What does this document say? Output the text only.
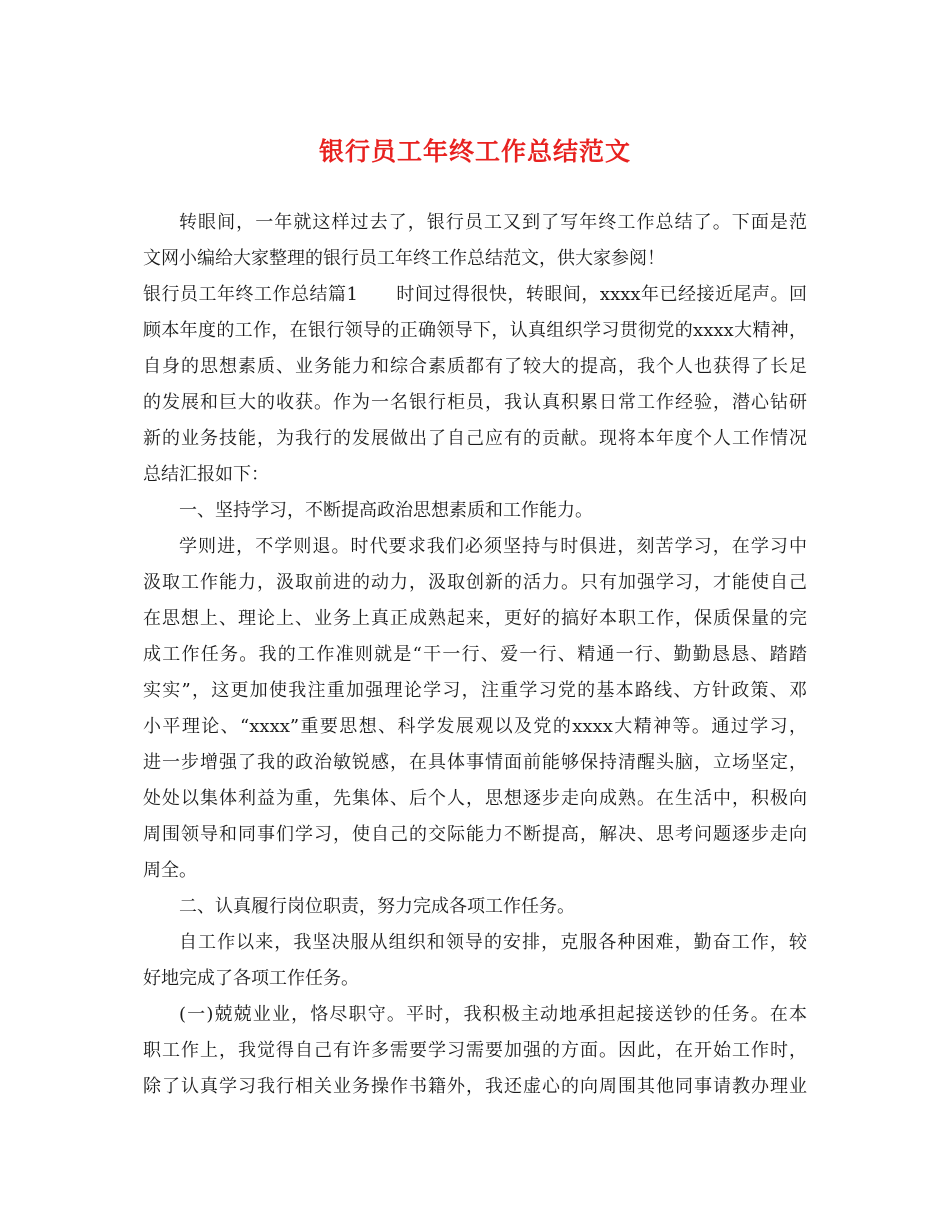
银行员工年终工作总结范文
转眼间，一年就这样过去了，银行员工又到了写年终工作总结了。下面是范
文网小编给大家整理的银行员工年终工作总结范文，供大家参阅！
银行员工年终工作总结篇1 时间过得很快，转眼间，xxxx年已经接近尾声。回
顾本年度的工作，在银行领导的正确领导下，认真组织学习贯彻党的xxxx大精神，
自身的思想素质、业务能力和综合素质都有了较大的提高，我个人也获得了长足
的发展和巨大的收获。作为一名银行柜员，我认真积累日常工作经验，潜心钻研
新的业务技能，为我行的发展做出了自己应有的贡献。现将本年度个人工作情况
总结汇报如下：
一、坚持学习，不断提高政治思想素质和工作能力。
学则进，不学则退。时代要求我们必须坚持与时俱进，刻苦学习，在学习中
汲取工作能力，汲取前进的动力，汲取创新的活力。只有加强学习，才能使自己
在思想上、理论上、业务上真正成熟起来，更好的搞好本职工作，保质保量的完
成工作任务。我的工作准则就是“干一行、爱一行、精通一行、勤勤恳恳、踏踏
实实”，这更加使我注重加强理论学习，注重学习党的基本路线、方针政策、邓
小平理论、“xxxx”重要思想、科学发展观以及党的xxxx大精神等。通过学习，
进一步增强了我的政治敏锐感，在具体事情面前能够保持清醒头脑，立场坚定，
处处以集体利益为重，先集体、后个人，思想逐步走向成熟。在生活中，积极向
周围领导和同事们学习，使自己的交际能力不断提高，解决、思考问题逐步走向
周全。
二、认真履行岗位职责，努力完成各项工作任务。
自工作以来，我坚决服从组织和领导的安排，克服各种困难，勤奋工作，较
好地完成了各项工作任务。
(一)兢兢业业，恪尽职守。平时，我积极主动地承担起接送钞的任务。在本
职工作上，我觉得自己有许多需要学习需要加强的方面。因此，在开始工作时，
除了认真学习我行相关业务操作书籍外，我还虚心的向周围其他同事请教办理业
